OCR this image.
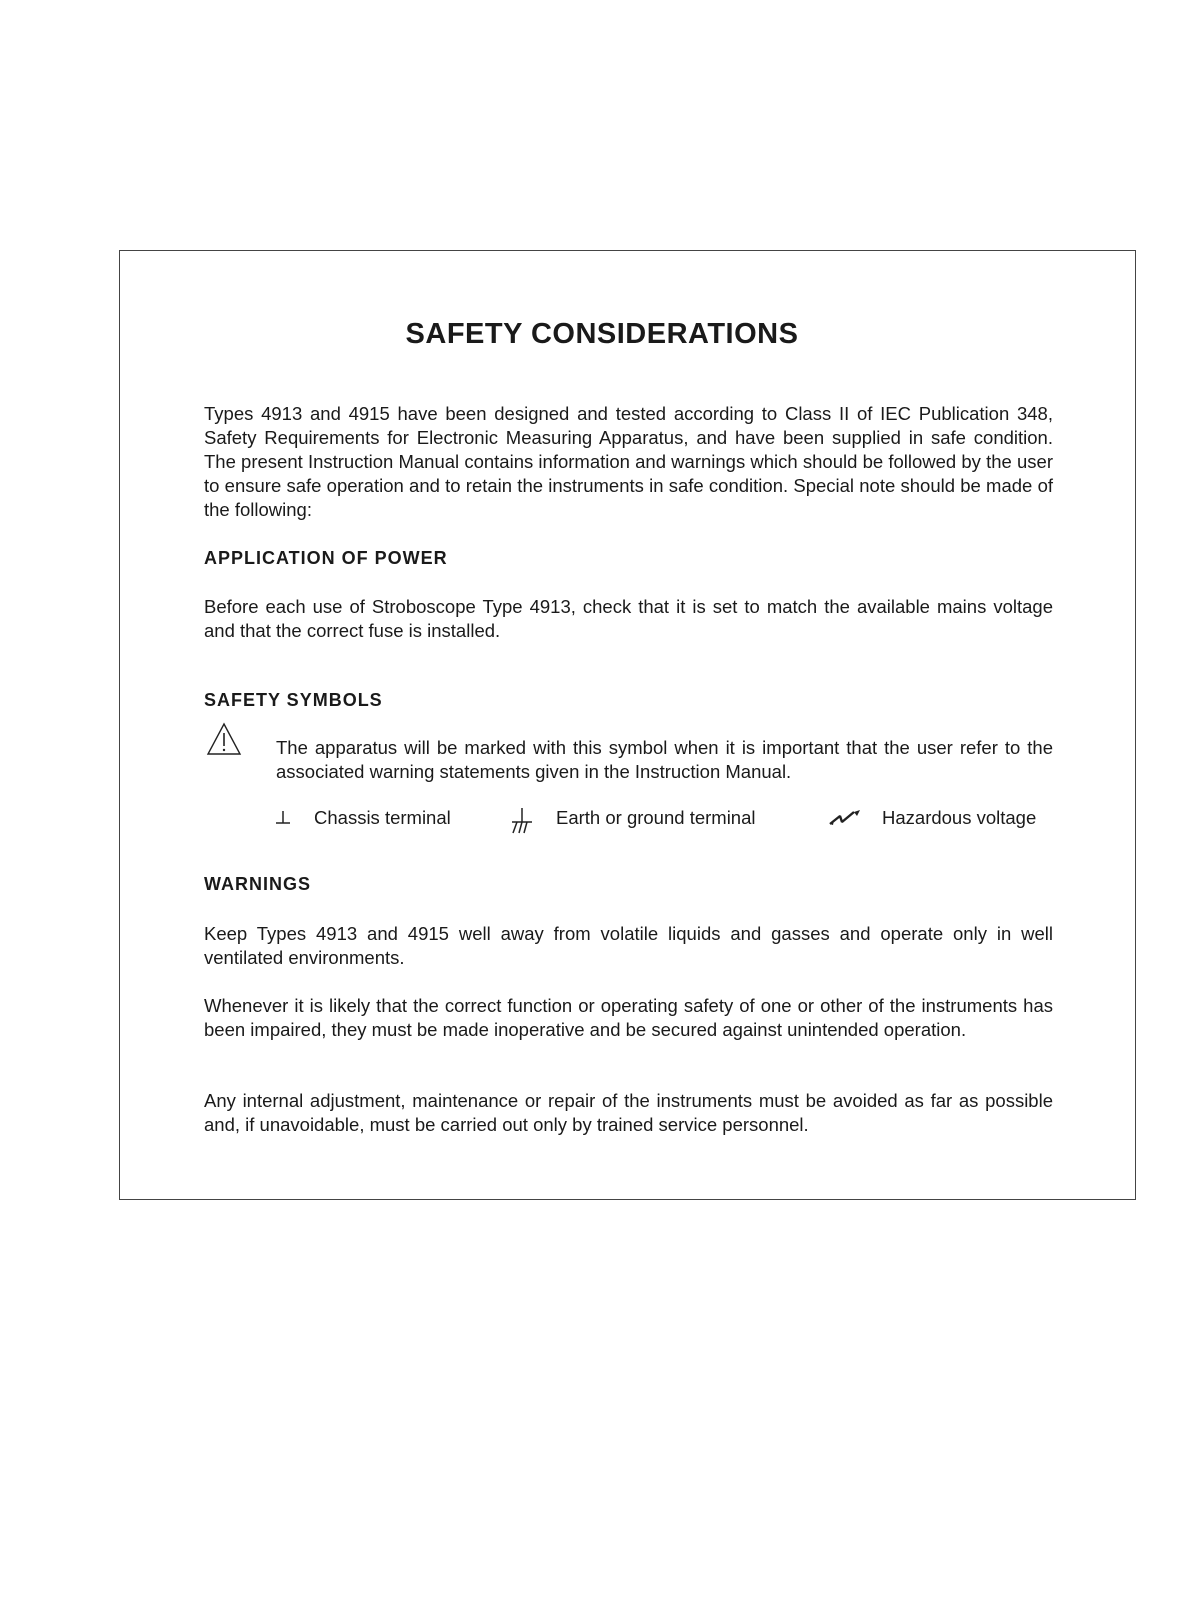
SAFETY CONSIDERATIONS

Types 4913 and 4915 have been designed and tested according to Class II of IEC Publication 348, Safety Requirements for Electronic Measuring Apparatus, and have been supplied in safe condition. The present Instruction Manual contains information and warnings which should be followed by the user to ensure safe operation and to retain the instruments in safe condition. Special note should be made of the following:

APPLICATION OF POWER

Before each use of Stroboscope Type 4913, check that it is set to match the available mains voltage and that the correct fuse is installed.

SAFETY SYMBOLS

The apparatus will be marked with this symbol when it is important that the user refer to the associated warning statements given in the Instruction Manual.

Chassis terminal	Earth or ground terminal	Hazardous voltage
WARNINGS

Keep Types 4913 and 4915 well away from volatile liquids and gasses and operate only in well ventilated environments.

Whenever it is likely that the correct function or operating safety of one or other of the instruments has been impaired, they must be made inoperative and be secured against unintended operation.

Any internal adjustment, maintenance or repair of the instruments must be avoided as far as possible and, if unavoidable, must be carried out only by trained service personnel.
